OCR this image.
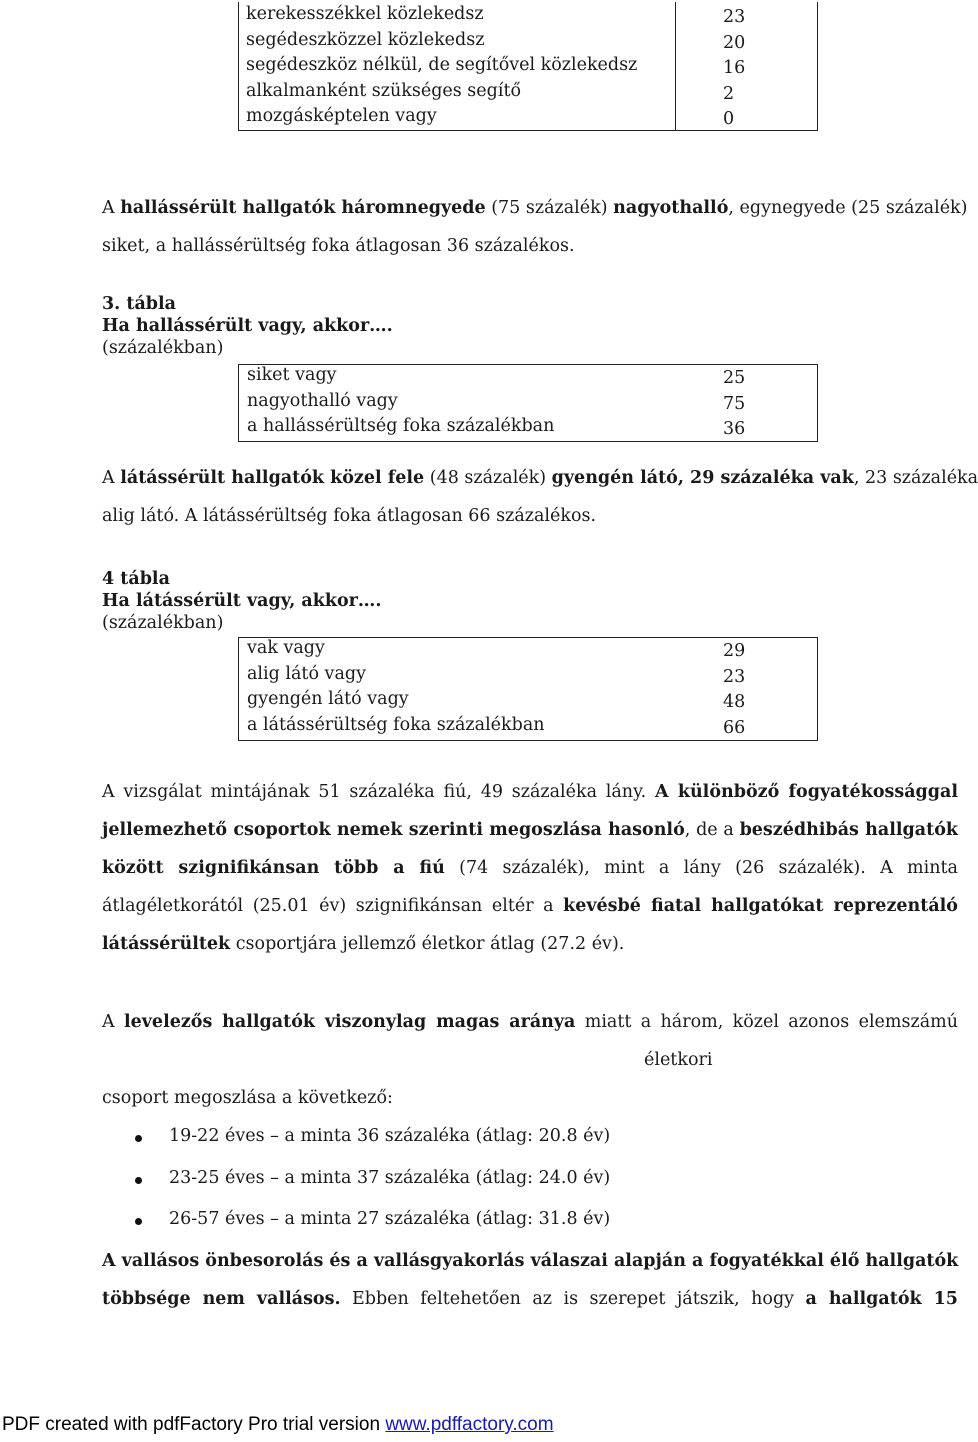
kerekesszékkel közlekedsz
segédeszközzel közlekedsz
segédeszköz nélkül, de segítővel közlekedsz
alkalmanként szükséges segítő
mozgásképtelen vagy
23
20
16
2
0
A hallássérült hallgatók háromnegyede (75 százalék) nagyothalló, egynegyede (25 százalék)
siket, a hallássérültség foka átlagosan 36 százalékos.
3. tábla
Ha hallássérült vagy, akkor….
(százalékban)
siket vagy
nagyothalló vagy
a hallássérültség foka százalékban
25
75
36
A látássérült hallgatók közel fele (48 százalék) gyengén látó, 29 százaléka vak, 23 százaléka
alig látó. A látássérültség foka átlagosan 66 százalékos.
4 tábla
Ha látássérült vagy, akkor….
(százalékban)
vak vagy
alig látó vagy
gyengén látó vagy
a látássérültség foka százalékban
29
23
48
66
A vizsgálat mintájának 51 százaléka fiú, 49 százaléka lány. A különböző fogyatékossággal
jellemezhető csoportok nemek szerinti megoszlása hasonló, de a beszédhibás hallgatók
között szignifikánsan több a fiú (74 százalék), mint a lány (26 százalék). A minta
átlagéletkorától (25.01 év) szignifikánsan eltér a kevésbé fiatal hallgatókat reprezentáló
látássérültek csoportjára jellemző életkor átlag (27.2 év).
A levelezős hallgatók viszonylag magas aránya miatt a három, közel azonos elemszámú
életkori
csoport megoszlása a következő:
19-22 éves – a minta 36 százaléka (átlag: 20.8 év)
23-25 éves – a minta 37 százaléka (átlag: 24.0 év)
26-57 éves – a minta 27 százaléka (átlag: 31.8 év)
A vallásos önbesorolás és a vallásgyakorlás válaszai alapján a fogyatékkal élő hallgatók
többsége nem vallásos. Ebben feltehetően az is szerepet játszik, hogy a hallgatók 15
PDF created with pdfFactory Pro trial version www.pdffactory.com
